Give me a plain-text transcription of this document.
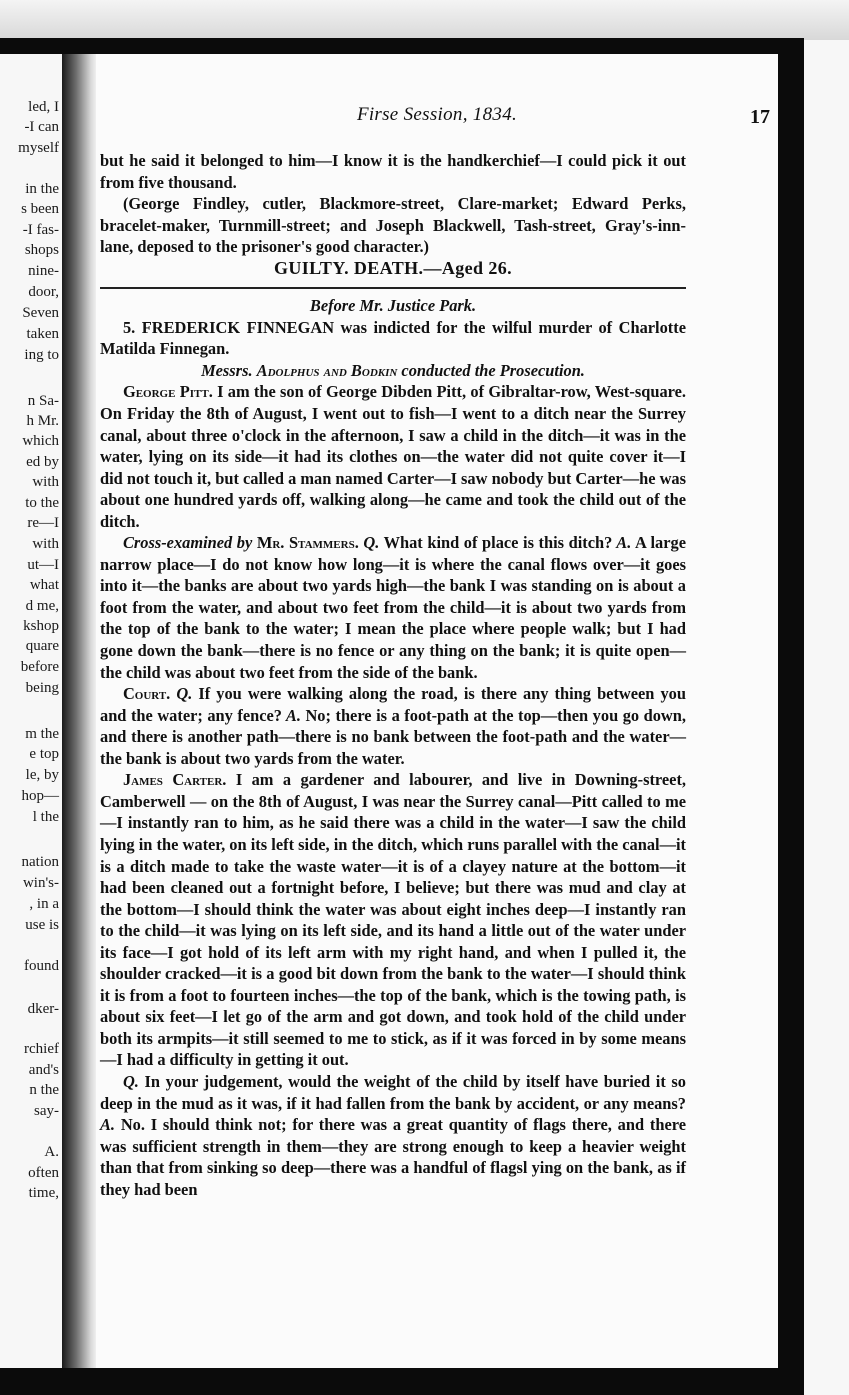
led, I
-I can
myself
in the
s been
-I fas-
shops
nine-
door,
Seven
taken
ing to
n Sa-
h Mr.
which
ed by
with
to the
re—I
with
ut—I
what
d me,
kshop
quare
before
being
m the
e top
le, by
hop—
l the
nation
win's-
, in a
use is
found
dker-
rchief
and's
n the
say-
A.
often
time,
Firse Session, 1834.	17

but he said it belonged to him—I know it is the handkerchief—I could pick it out from five thousand.

(George Findley, cutler, Blackmore-street, Clare-market; Edward Perks, bracelet-maker, Turnmill-street; and Joseph Blackwell, Tash-street, Gray's-inn-lane, deposed to the prisoner's good character.)

GUILTY. DEATH.—Aged 26.

Before Mr. Justice Park.

5. FREDERICK FINNEGAN was indicted for the wilful murder of Charlotte Matilda Finnegan.

Messrs. Adolphus and Bodkin conducted the Prosecution.

George Pitt. I am the son of George Dibden Pitt, of Gibraltar-row, West-square. On Friday the 8th of August, I went out to fish—I went to a ditch near the Surrey canal, about three o'clock in the afternoon, I saw a child in the ditch—it was in the water, lying on its side—it had its clothes on—the water did not quite cover it—I did not touch it, but called a man named Carter—I saw nobody but Carter—he was about one hundred yards off, walking along—he came and took the child out of the ditch.

Cross-examined by Mr. Stammers. Q. What kind of place is this ditch? A. A large narrow place—I do not know how long—it is where the canal flows over—it goes into it—the banks are about two yards high—the bank I was standing on is about a foot from the water, and about two feet from the child—it is about two yards from the top of the bank to the water; I mean the place where people walk; but I had gone down the bank—there is no fence or any thing on the bank; it is quite open—the child was about two feet from the side of the bank.

Court. Q. If you were walking along the road, is there any thing between you and the water; any fence? A. No; there is a foot-path at the top—then you go down, and there is another path—there is no bank between the foot-path and the water—the bank is about two yards from the water.

James Carter. I am a gardener and labourer, and live in Downing-street, Camberwell — on the 8th of August, I was near the Surrey canal—Pitt called to me—I instantly ran to him, as he said there was a child in the water—I saw the child lying in the water, on its left side, in the ditch, which runs parallel with the canal—it is a ditch made to take the waste water—it is of a clayey nature at the bottom—it had been cleaned out a fortnight before, I believe; but there was mud and clay at the bottom—I should think the water was about eight inches deep—I instantly ran to the child—it was lying on its left side, and its hand a little out of the water under its face—I got hold of its left arm with my right hand, and when I pulled it, the shoulder cracked—it is a good bit down from the bank to the water—I should think it is from a foot to fourteen inches—the top of the bank, which is the towing path, is about six feet—I let go of the arm and got down, and took hold of the child under both its armpits—it still seemed to me to stick, as if it was forced in by some means—I had a difficulty in getting it out.

Q. In your judgement, would the weight of the child by itself have buried it so deep in the mud as it was, if it had fallen from the bank by accident, or any means? A. No. I should think not; for there was a great quantity of flags there, and there was sufficient strength in them—they are strong enough to keep a heavier weight than that from sinking so deep—there was a handful of flagsl ying on the bank, as if they had been
